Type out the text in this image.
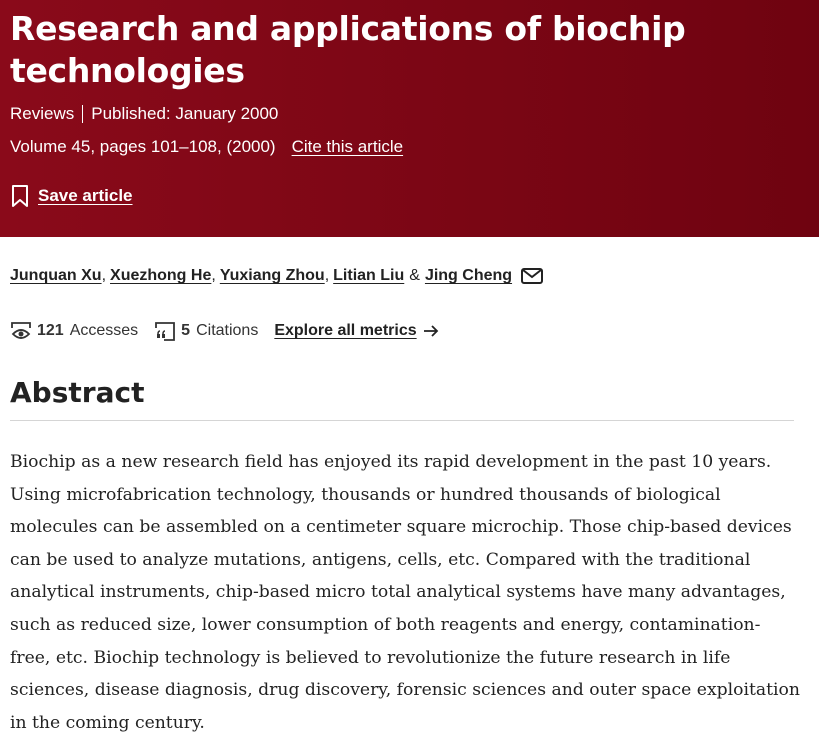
Research and applications of biochip technologies
Reviews Published: January 2000
Volume 45, pages 101–108, (2000) Cite this article
Save article
Junquan Xu , Xuezhong He , Yuxiang Zhou , Litian Liu & Jing Cheng
121 Accesses	5 Citations Explore all metrics
Abstract

Biochip as a new research field has enjoyed its rapid development in the past 10 years. Using microfabrication technology, thousands or hundred thousands of biological molecules can be assembled on a centimeter square microchip. Those chip-based devices can be used to analyze mutations, antigens, cells, etc. Compared with the traditional analytical instruments, chip-based micro total analytical systems have many advantages, such as reduced size, lower consumption of both reagents and energy, contamination-free, etc. Biochip technology is believed to revolutionize the future research in life sciences, disease diagnosis, drug discovery, forensic sciences and outer space exploitation in the coming century.
